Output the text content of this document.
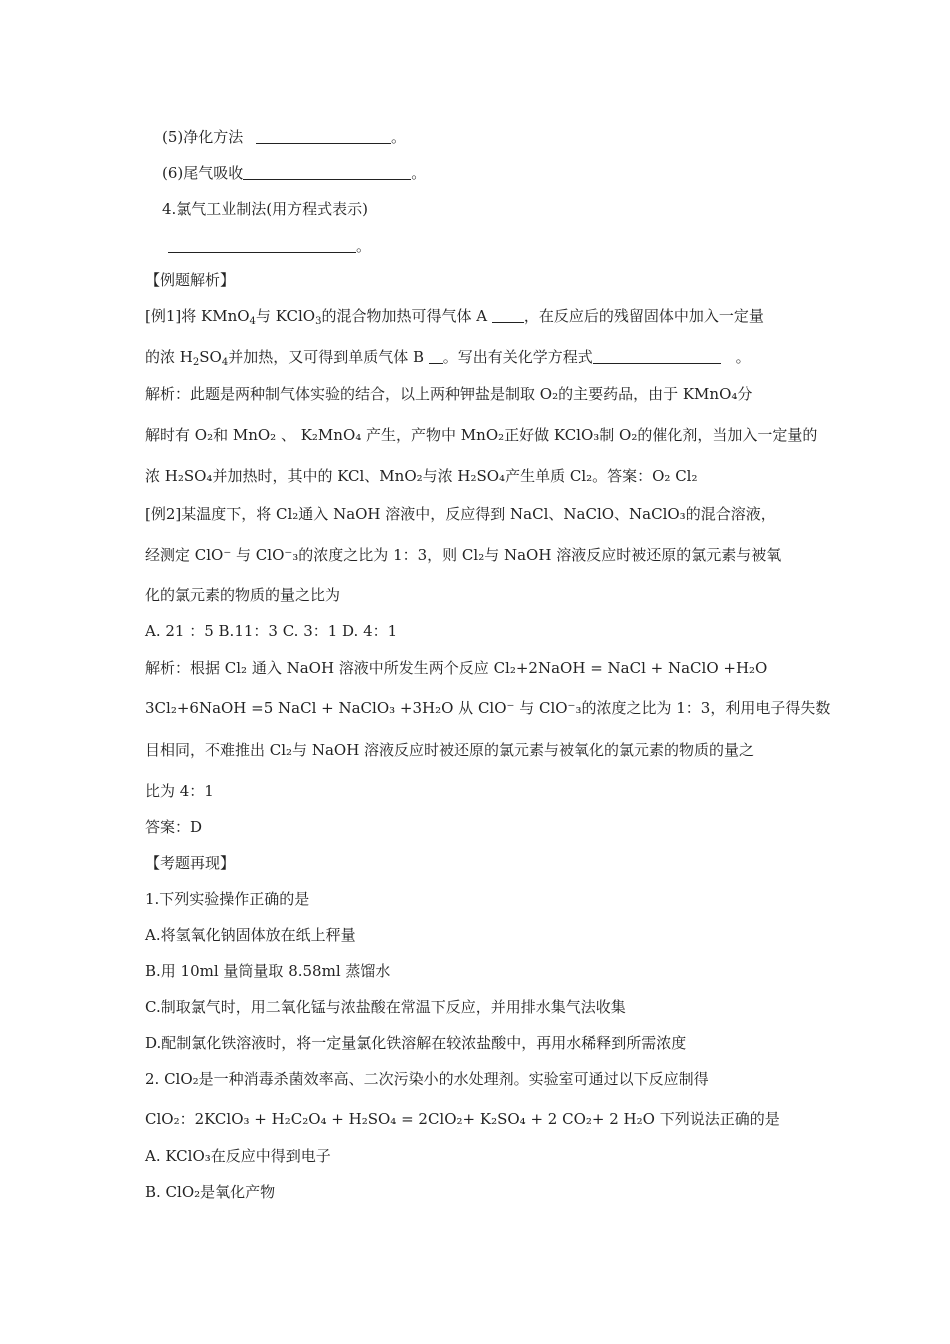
(5)净化方法	。
(6)尾气吸收	。
4.氯气工业制法(用方程式表示)
。
【例题解析】
[例1]将 KMnO$_4$与 KClO$_3$的混合物加热可得气体 A ，在反应后的残留固体中加入一定量
的浓 $H_2SO_4$并加热，又可得到单质气体 B 。写出有关化学方程式	。
解析：此题是两种制气体实验的结合，以上两种钾盐是制取 O₂的主要药品，由于 KMnO₄分
解时有 O₂和 MnO₂ 、 K₂MnO₄ 产生，产物中 MnO₂正好做 KClO₃制 O₂的催化剂，当加入一定量的
浓 H₂SO₄并加热时，其中的 KCl、MnO₂与浓 H₂SO₄产生单质 Cl₂。答案：O₂ Cl₂
[例2]某温度下，将 Cl₂通入 NaOH 溶液中，反应得到 NaCl、NaClO、NaClO₃的混合溶液，
经测定 ClO⁻ 与 ClO⁻₃的浓度之比为 1：3，则 Cl₂与 NaOH 溶液反应时被还原的氯元素与被氧
化的氯元素的物质的量之比为
A. 21 ：5 B.11：3 C. 3：1 D. 4：1
解析：根据 Cl₂ 通入 NaOH 溶液中所发生两个反应 Cl₂+2NaOH = NaCl + NaClO +H₂O
3Cl₂+6NaOH =5 NaCl + NaClO₃ +3H₂O 从 ClO⁻ 与 ClO⁻₃的浓度之比为 1：3，利用电子得失数
目相同，不难推出 Cl₂与 NaOH 溶液反应时被还原的氯元素与被氧化的氯元素的物质的量之
比为 4：1
答案：D
【考题再现】
1.下列实验操作正确的是
A.将氢氧化钠固体放在纸上秤量
B.用 10ml 量筒量取 8.58ml 蒸馏水
C.制取氯气时，用二氧化锰与浓盐酸在常温下反应，并用排水集气法收集
D.配制氯化铁溶液时，将一定量氯化铁溶解在较浓盐酸中，再用水稀释到所需浓度
2. ClO₂是一种消毒杀菌效率高、二次污染小的水处理剂。实验室可通过以下反应制得
ClO₂：2KClO₃ + H₂C₂O₄ + H₂SO₄ = 2ClO₂+ K₂SO₄ + 2 CO₂+ 2 H₂O 下列说法正确的是
A. KClO₃在反应中得到电子
B. ClO₂是氧化产物
